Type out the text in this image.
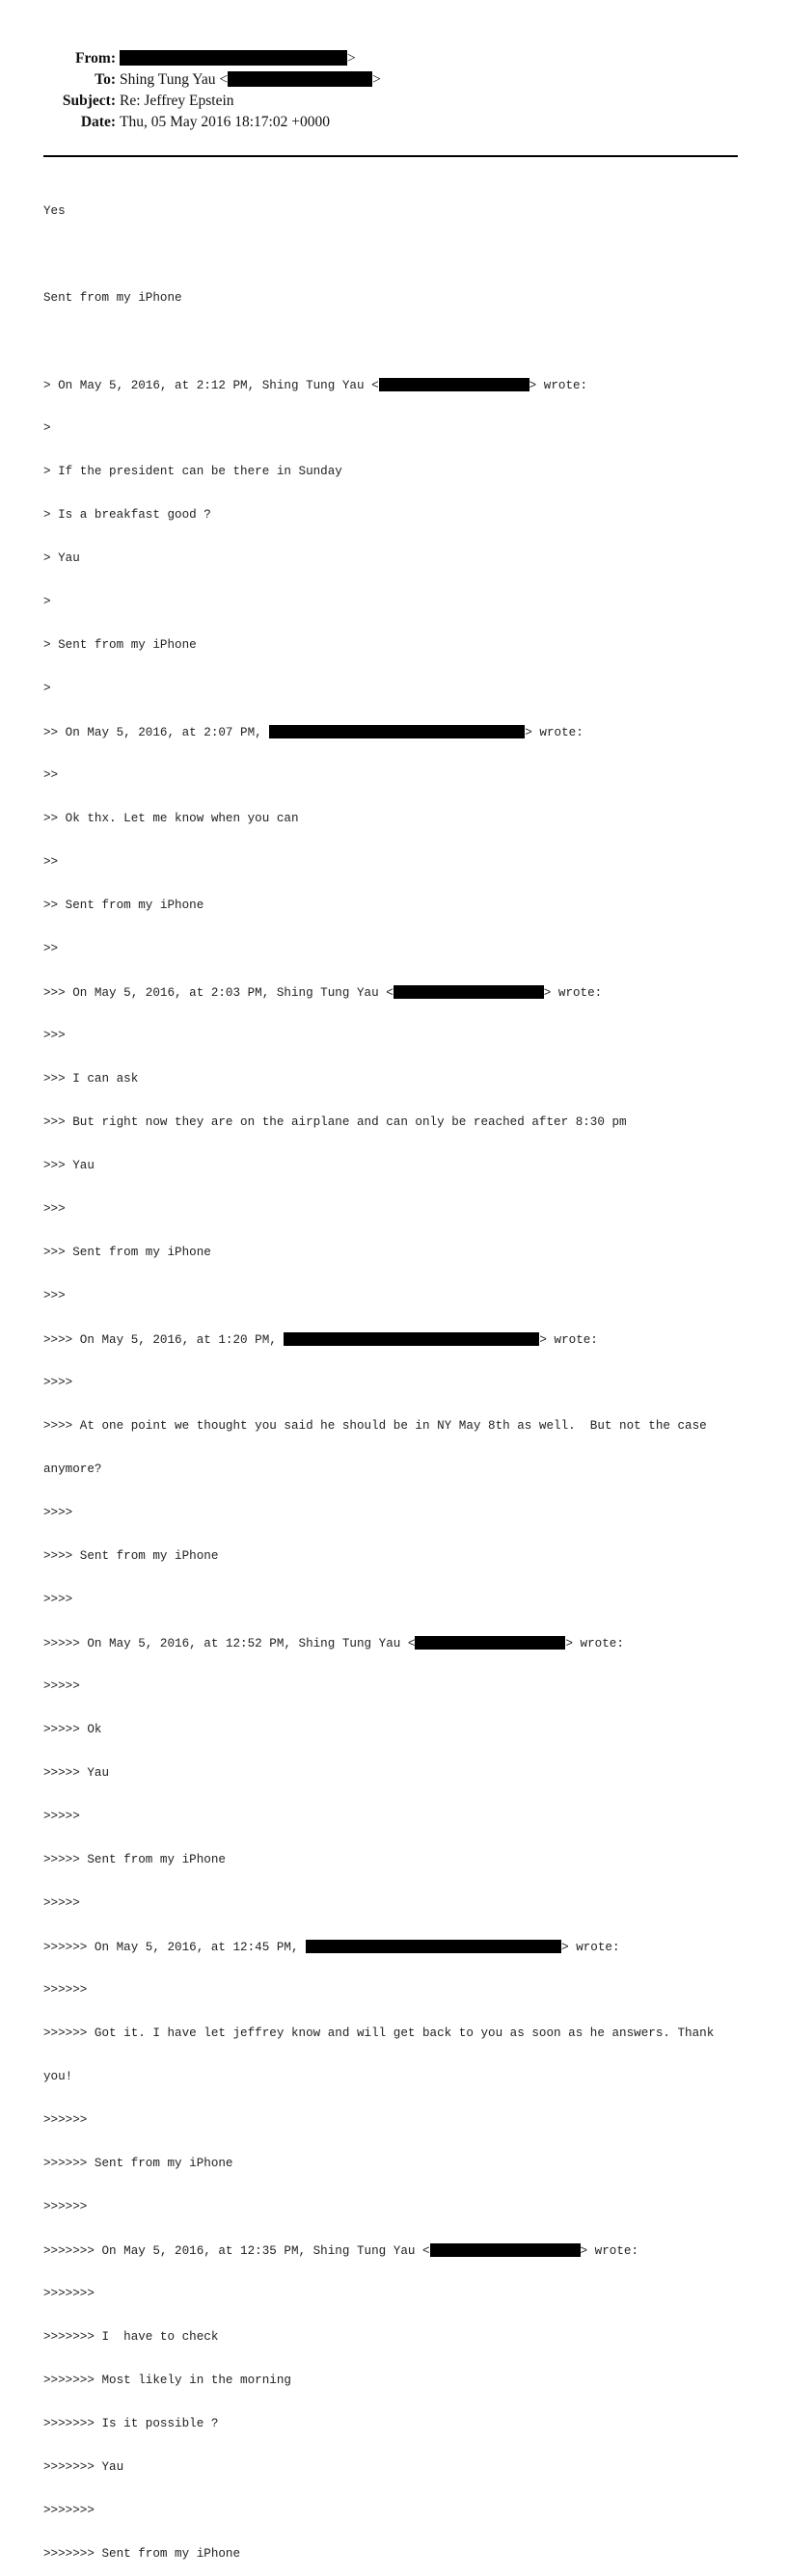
From:	>
To: Shing Tung Yau <	>
Subject: Re: Jeffrey Epstein
Date: Thu, 05 May 2016 18:17:02 +0000

Yes

Sent from my iPhone

> On May 5, 2016, at 2:12 PM, Shing Tung Yau <	> wrote:

>

> If the president can be there in Sunday

> Is a breakfast good ?

> Yau

>

> Sent from my iPhone

>

>> On May 5, 2016, at 2:07 PM,	> wrote:

>>

>> Ok thx. Let me know when you can

>>

>> Sent from my iPhone

>>

>>> On May 5, 2016, at 2:03 PM, Shing Tung Yau <	> wrote:

>>>

>>> I can ask

>>> But right now they are on the airplane and can only be reached after 8:30 pm

>>> Yau

>>>

>>> Sent from my iPhone

>>>

>>>> On May 5, 2016, at 1:20 PM,	> wrote:

>>>>

>>>> At one point we thought you said he should be in NY May 8th as well.  But not the case

anymore?

>>>>

>>>> Sent from my iPhone

>>>>

>>>>> On May 5, 2016, at 12:52 PM, Shing Tung Yau <	> wrote:

>>>>>

>>>>> Ok

>>>>> Yau

>>>>>

>>>>> Sent from my iPhone

>>>>>

>>>>>> On May 5, 2016, at 12:45 PM,	> wrote:

>>>>>>

>>>>>> Got it. I have let jeffrey know and will get back to you as soon as he answers. Thank

you!

>>>>>>

>>>>>> Sent from my iPhone

>>>>>>

>>>>>>> On May 5, 2016, at 12:35 PM, Shing Tung Yau <	> wrote:

>>>>>>>

>>>>>>> I  have to check

>>>>>>> Most likely in the morning

>>>>>>> Is it possible ?

>>>>>>> Yau

>>>>>>>

>>>>>>> Sent from my iPhone
